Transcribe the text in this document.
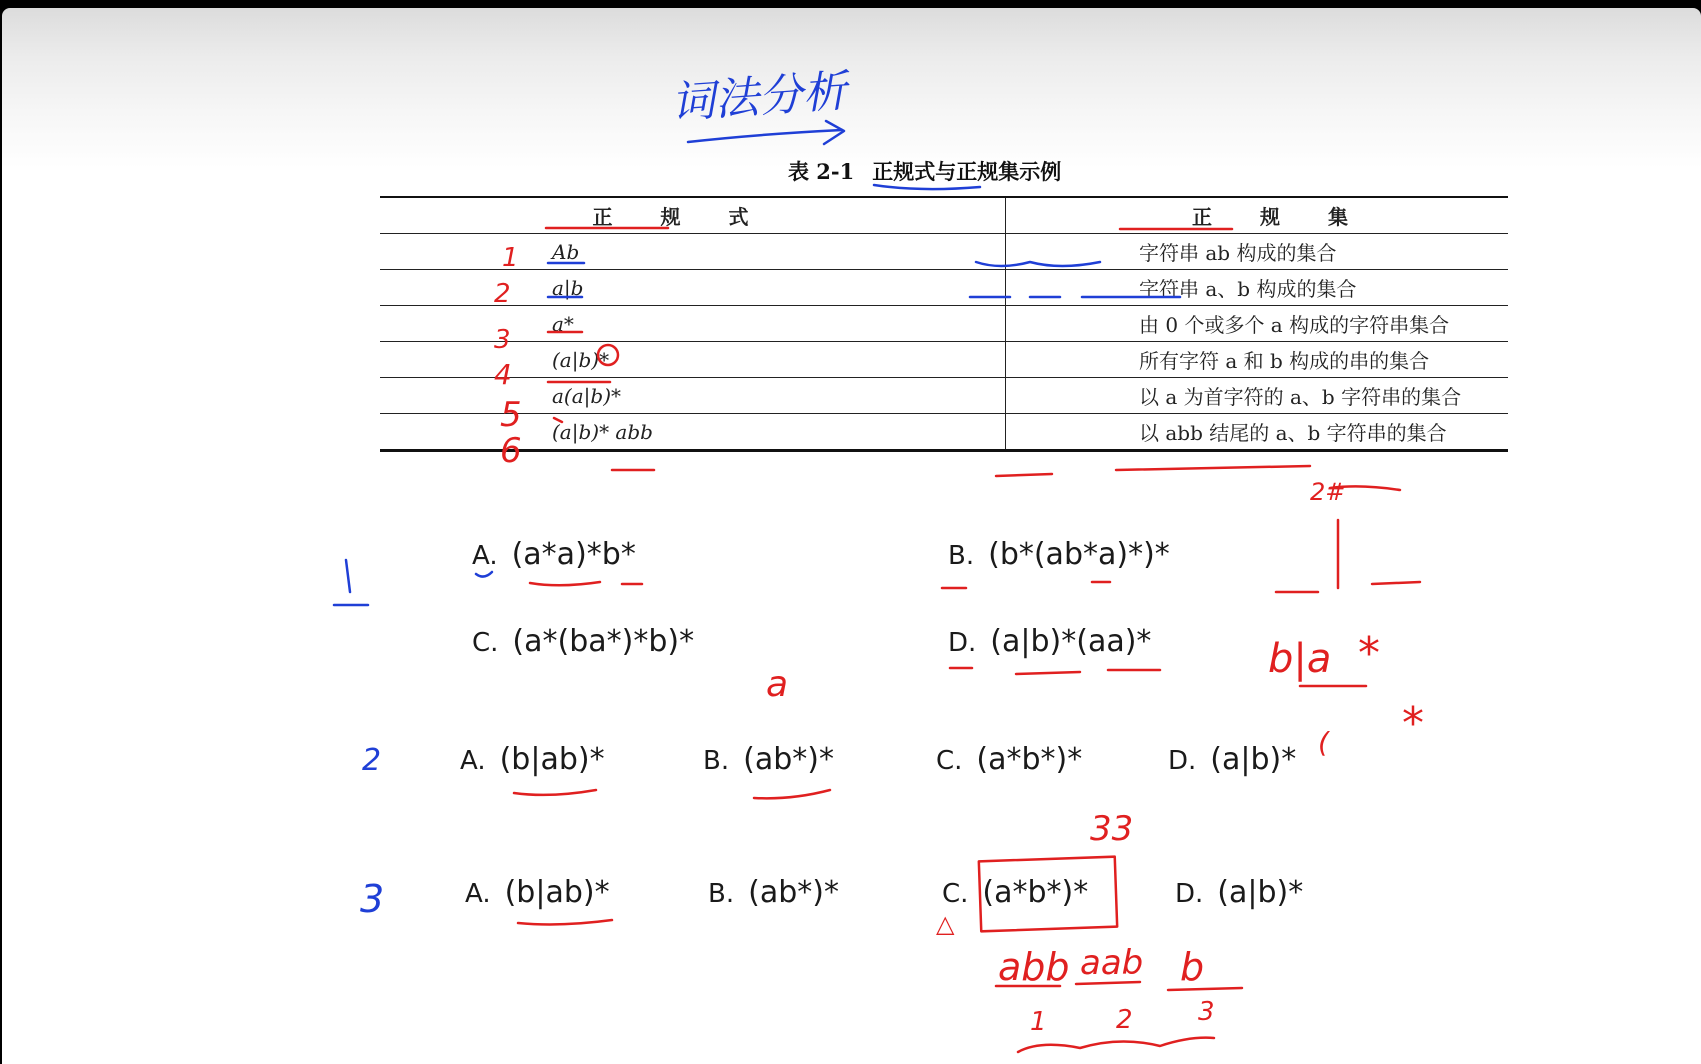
表 2-1 正规式与正规集示例
正　规　式	正　规　集
Ab	字符串 ab 构成的集合
a|b	字符串 a、b 构成的集合
a*	由 0 个或多个 a 构成的字符串集合
(a|b)*	所有字符 a 和 b 构成的串的集合
a(a|b)*	以 a 为首字符的 a、b 字符串的集合
(a|b)* abb	以 abb 结尾的 a、b 字符串的集合
A. (a*a)*b*	B. (b*(ab*a)*)*
C. (a*(ba*)*b)*	D. (a|b)*(aa)*
A. (b|ab)*	B. (ab*)*	C. (a*b*)*	D. (a|b)*
A. (b|ab)*	B. (ab*)*	C. (a*b*)*	D. (a|b)*
词法分析
2
3
1
2
3
4
5
6
2#
a
b|a *
( *
33
△
abb aab b
1	2	3
